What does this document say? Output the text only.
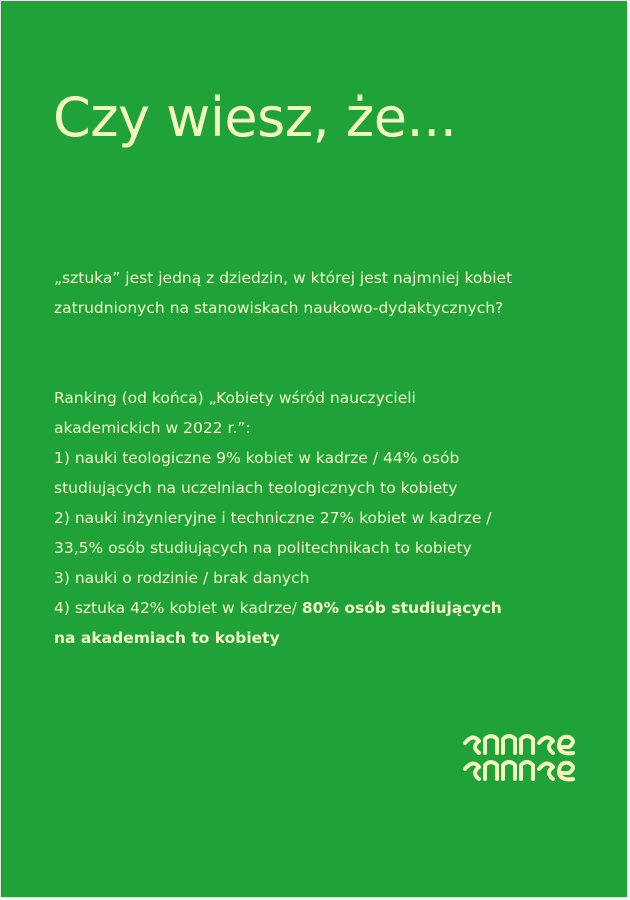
Czy wiesz, że...

„sztuka” jest jedną z dziedzin, w której jest najmniej kobiet zatrudnionych na stanowiskach naukowo-dydaktycznych?

Ranking (od końca) „Kobiety wśród nauczycieli
akademickich w 2022 r.”:
1) nauki teologiczne 9% kobiet w kadrze / 44% osób
studiujących na uczelniach teologicznych to kobiety
2) nauki inżynieryjne i techniczne 27% kobiet w kadrze /
33,5% osób studiujących na politechnikach to kobiety
3) nauki o rodzinie / brak danych
4) sztuka 42% kobiet w kadrze/ 80% osób studiujących
na akademiach to kobiety
